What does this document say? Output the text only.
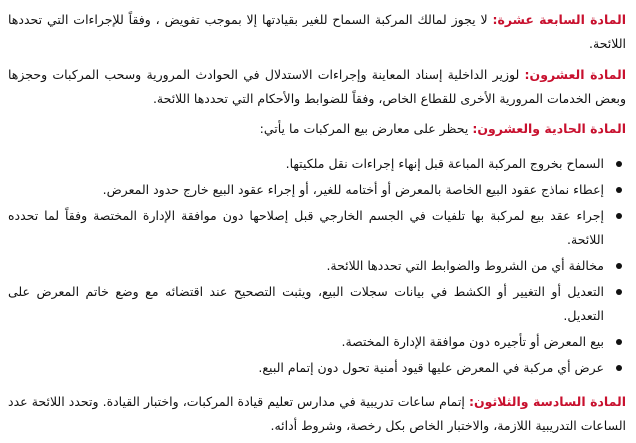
المادة السابعة عشرة: لا يجوز لمالك المركبة السماح للغير بقيادتها إلا بموجب تفويض ، وفقاً للإجراءات التي تحددها اللائحة.

المادة العشرون: لوزير الداخلية إسناد المعاينة وإجراءات الاستدلال في الحوادث المرورية وسحب المركبات وحجزها وبعض الخدمات المرورية الأخرى للقطاع الخاص، وفقاً للضوابط والأحكام التي تحددها اللائحة.

المادة الحادية والعشرون: يحظر على معارض بيع المركبات ما يأتي:

السماح بخروج المركبة المباعة قبل إنهاء إجراءات نقل ملكيتها.
إعطاء نماذج عقود البيع الخاصة بالمعرض أو أختامه للغير، أو إجراء عقود البيع خارج حدود المعرض.
إجراء عقد بيع لمركبة بها تلفيات في الجسم الخارجي قبل إصلاحها دون موافقة الإدارة المختصة وفقاً لما تحدده اللائحة.
مخالفة أي من الشروط والضوابط التي تحددها اللائحة.
التعديل أو التغيير أو الكشط في بيانات سجلات البيع، ويثبت التصحيح عند اقتضائه مع وضع خاتم المعرض على التعديل.
بيع المعرض أو تأجيره دون موافقة الإدارة المختصة.
عرض أي مركبة في المعرض عليها قيود أمنية تحول دون إتمام البيع.

المادة السادسة والثلاثون: إتمام ساعات تدريبية في مدارس تعليم قيادة المركبات، واختبار القيادة. وتحدد اللائحة عدد الساعات التدريبية اللازمة، والاختبار الخاص بكل رخصة، وشروط أدائه.
